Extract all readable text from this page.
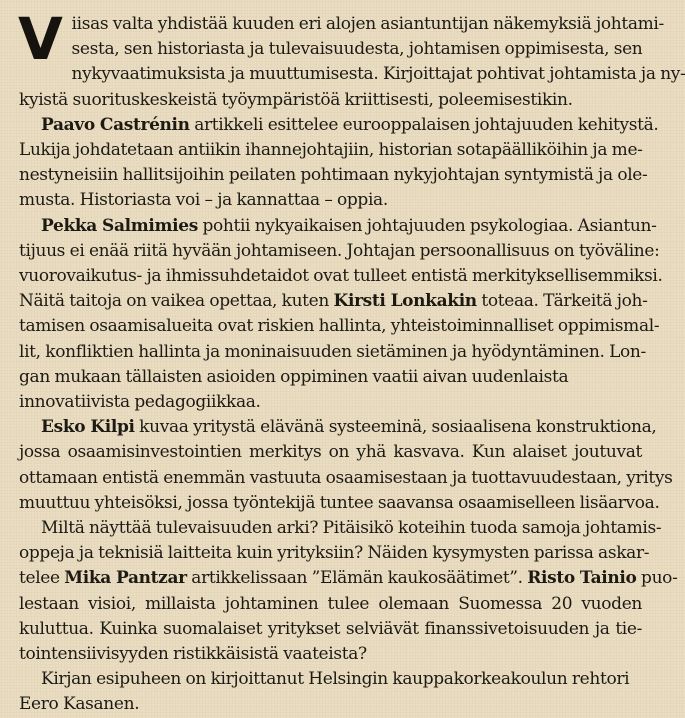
V iisas valta yhdistää kuuden eri alojen asiantuntijan näkemyksiä johtami-
sesta, sen historiasta ja tulevaisuudesta, johtamisen oppimisesta, sen
nykyvaatimuksista ja muuttumisesta. Kirjoittajat pohtivat johtamista ja ny-
kyistä suorituskeskeistä työympäristöä kriittisesti, poleemisestikin.

Paavo Castrénin artikkeli esittelee eurooppalaisen johtajuuden kehitystä.
Lukija johdatetaan antiikin ihannejohtajiin, historian sotapäälliköihin ja me-
nestyneisiin hallitsijoihin peilaten pohtimaan nykyjohtajan syntymistä ja ole-
musta. Historiasta voi – ja kannattaa – oppia.

Pekka Salmimies pohtii nykyaikaisen johtajuuden psykologiaa. Asiantun-
tijuus ei enää riitä hyvään johtamiseen. Johtajan persoonallisuus on työväline:
vuorovaikutus- ja ihmissuhdetaidot ovat tulleet entistä merkityksellisemmiksi.
Näitä taitoja on vaikea opettaa, kuten Kirsti Lonkakin toteaa. Tärkeitä joh-
tamisen osaamisalueita ovat riskien hallinta, yhteistoiminnalliset oppimismal-
lit, konfliktien hallinta ja moninaisuuden sietäminen ja hyödyntäminen. Lon-
gan mukaan tällaisten asioiden oppiminen vaatii aivan uudenlaista
innovatiivista pedagogiikkaa.

Esko Kilpi kuvaa yritystä elävänä systeeminä, sosiaalisena konstruktiona,
jossa osaamisinvestointien merkitys on yhä kasvava. Kun alaiset joutuvat
ottamaan entistä enemmän vastuuta osaamisestaan ja tuottavuudestaan, yritys
muuttuu yhteisöksi, jossa työntekijä tuntee saavansa osaamiselleen lisäarvoa.

Miltä näyttää tulevaisuuden arki? Pitäisikö koteihin tuoda samoja johtamis-
oppeja ja teknisiä laitteita kuin yrityksiin? Näiden kysymysten parissa askar-
telee Mika Pantzar artikkelissaan ”Elämän kaukosäätimet”. Risto Tainio puo-
lestaan visioi, millaista johtaminen tulee olemaan Suomessa 20 vuoden
kuluttua. Kuinka suomalaiset yritykset selviävät finanssivetoisuuden ja tie-
tointensiivisyyden ristikkäisistä vaateista?

Kirjan esipuheen on kirjoittanut Helsingin kauppakorkeakoulun rehtori
Eero Kasanen.
